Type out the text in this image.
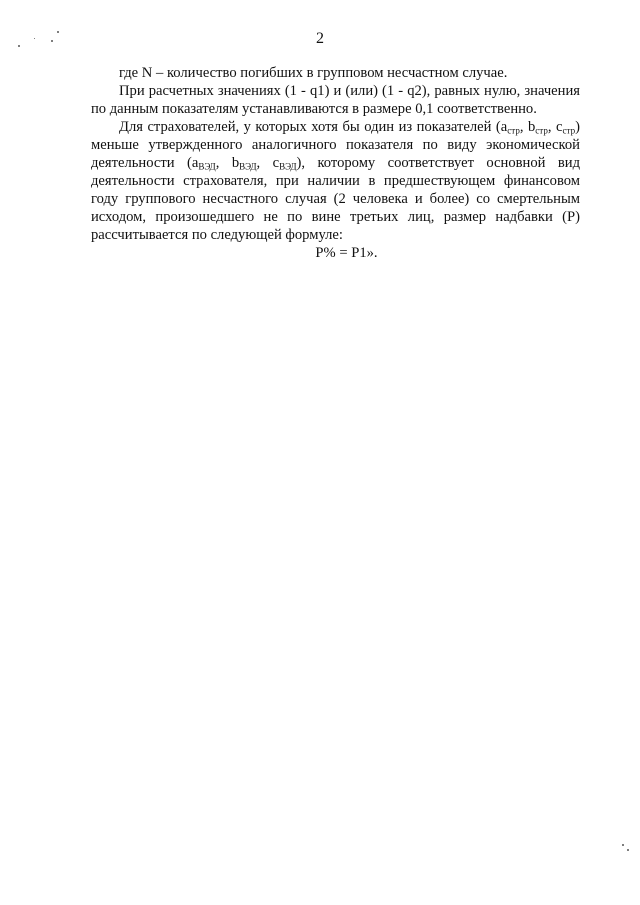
2

где N – количество погибших в групповом несчастном случае.

При расчетных значениях (1 - q1) и (или) (1 - q2), равных нулю, значения по данным показателям устанавливаются в размере 0,1 соответственно.

Для страхователей, у которых хотя бы один из показателей ($a_{стр}$, $b_{стр}$, $c_{стр}$) меньше утвержденного аналогичного показателя по виду экономической деятельности ($a_{ВЭД}$, $b_{ВЭД}$, $c_{ВЭД}$), которому соответствует основной вид деятельности страхователя, при наличии в предшествующем финансовом году группового несчастного случая (2 человека и более) со смертельным исходом, произошедшего не по вине третьих лиц, размер надбавки (P) рассчитывается по следующей формуле:

P% = P1».
